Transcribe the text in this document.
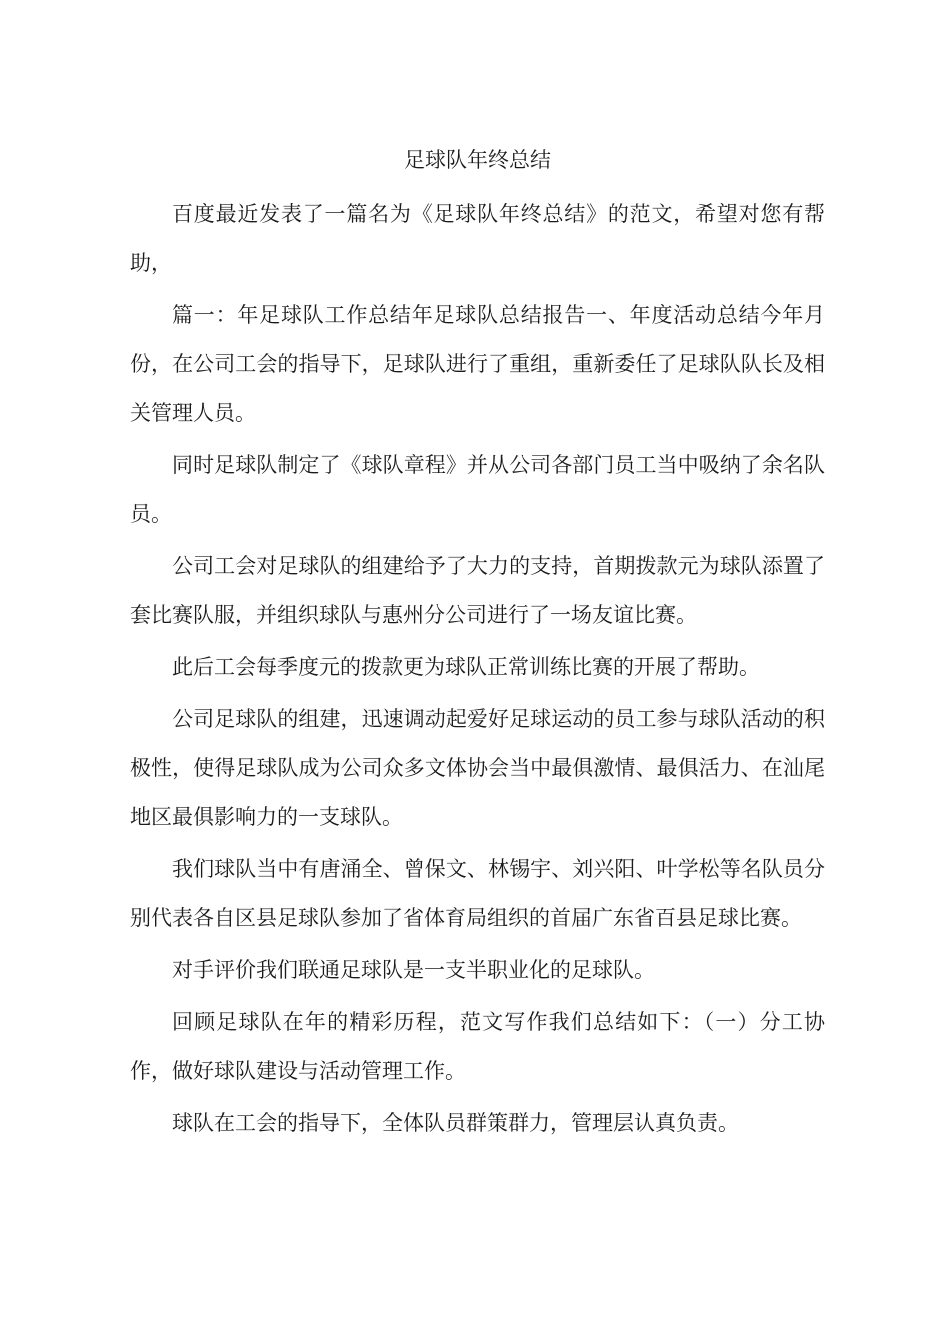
足球队年终总结

百度最近发表了一篇名为《足球队年终总结》的范文，希望对您有帮助，

篇一：年足球队工作总结年足球队总结报告一、年度活动总结今年月份，在公司工会的指导下，足球队进行了重组，重新委任了足球队队长及相关管理人员。

同时足球队制定了《球队章程》并从公司各部门员工当中吸纳了余名队员。

公司工会对足球队的组建给予了大力的支持，首期拨款元为球队添置了套比赛队服，并组织球队与惠州分公司进行了一场友谊比赛。

此后工会每季度元的拨款更为球队正常训练比赛的开展了帮助。

公司足球队的组建，迅速调动起爱好足球运动的员工参与球队活动的积极性，使得足球队成为公司众多文体协会当中最俱激情、最俱活力、在汕尾地区最俱影响力的一支球队。

我们球队当中有唐涌全、曾保文、林锡宇、刘兴阳、叶学松等名队员分别代表各自区县足球队参加了省体育局组织的首届广东省百县足球比赛。

对手评价我们联通足球队是一支半职业化的足球队。

回顾足球队在年的精彩历程，范文写作我们总结如下：（一）分工协作，做好球队建设与活动管理工作。

球队在工会的指导下，全体队员群策群力，管理层认真负责。
